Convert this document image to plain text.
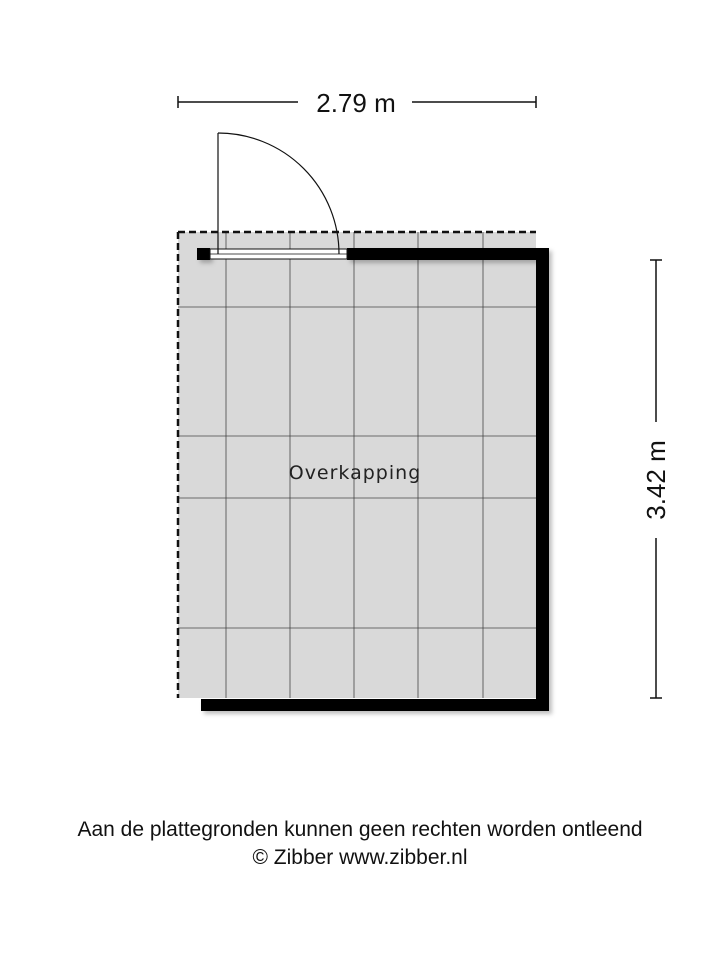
2.79 m
3.42 m
Overkapping
Aan de plattegronden kunnen geen rechten worden ontleend
© Zibber www.zibber.nl
